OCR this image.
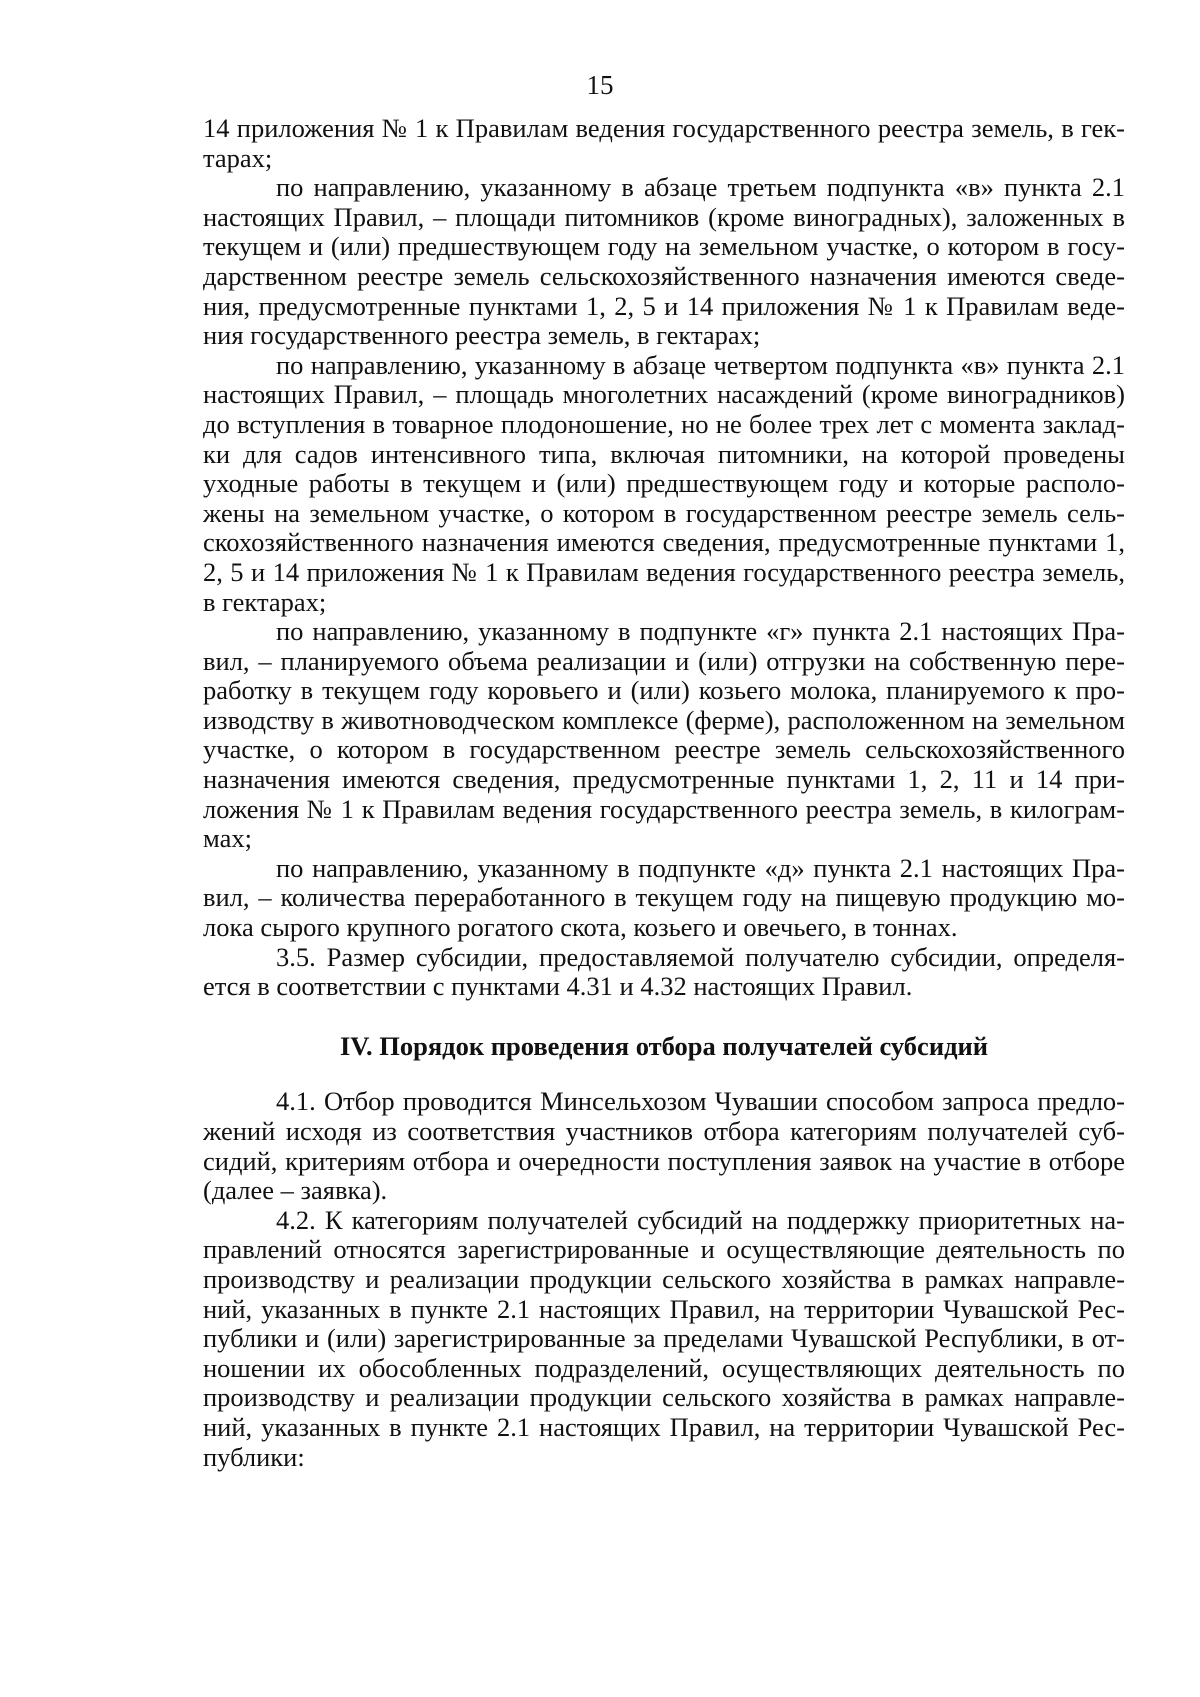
15

14 приложения № 1 к Правилам ведения государственного реестра земель, в гектарах;

по направлению, указанному в абзаце третьем подпункта «в» пункта 2.1 настоящих Правил, – площади питомников (кроме виноградных), заложенных в текущем и (или) предшествующем году на земельном участке, о котором в государственном реестре земель сельскохозяйственного назначения имеются сведения, предусмотренные пунктами 1, 2, 5 и 14 приложения № 1 к Правилам ведения государственного реестра земель, в гектарах;

по направлению, указанному в абзаце четвертом подпункта «в» пункта 2.1 настоящих Правил, – площадь многолетних насаждений (кроме виноградников) до вступления в товарное плодоношение, но не более трех лет с момента закладки для садов интенсивного типа, включая питомники, на которой проведены уходные работы в текущем и (или) предшествующем году и которые расположены на земельном участке, о котором в государственном реестре земель сельскохозяйственного назначения имеются сведения, предусмотренные пунктами 1, 2, 5 и 14 приложения № 1 к Правилам ведения государственного реестра земель, в гектарах;

по направлению, указанному в подпункте «г» пункта 2.1 настоящих Правил, – планируемого объема реализации и (или) отгрузки на собственную переработку в текущем году коровьего и (или) козьего молока, планируемого к производству в животноводческом комплексе (ферме), расположенном на земельном участке, о котором в государственном реестре земель сельскохозяйственного назначения имеются сведения, предусмотренные пунктами 1, 2, 11 и 14 приложения № 1 к Правилам ведения государственного реестра земель, в килограммах;

по направлению, указанному в подпункте «д» пункта 2.1 настоящих Правил, – количества переработанного в текущем году на пищевую продукцию молока сырого крупного рогатого скота, козьего и овечьего, в тоннах.

3.5. Размер субсидии, предоставляемой получателю субсидии, определяется в соответствии с пунктами 4.31 и 4.32 настоящих Правил.

IV. Порядок проведения отбора получателей субсидий

4.1. Отбор проводится Минсельхозом Чувашии способом запроса предложений исходя из соответствия участников отбора категориям получателей субсидий, критериям отбора и очередности поступления заявок на участие в отборе (далее – заявка).

4.2. К категориям получателей субсидий на поддержку приоритетных направлений относятся зарегистрированные и осуществляющие деятельность по производству и реализации продукции сельского хозяйства в рамках направлений, указанных в пункте 2.1 настоящих Правил, на территории Чувашской Республики и (или) зарегистрированные за пределами Чувашской Республики, в отношении их обособленных подразделений, осуществляющих деятельность по производству и реализации продукции сельского хозяйства в рамках направлений, указанных в пункте 2.1 настоящих Правил, на территории Чувашской Республики:
